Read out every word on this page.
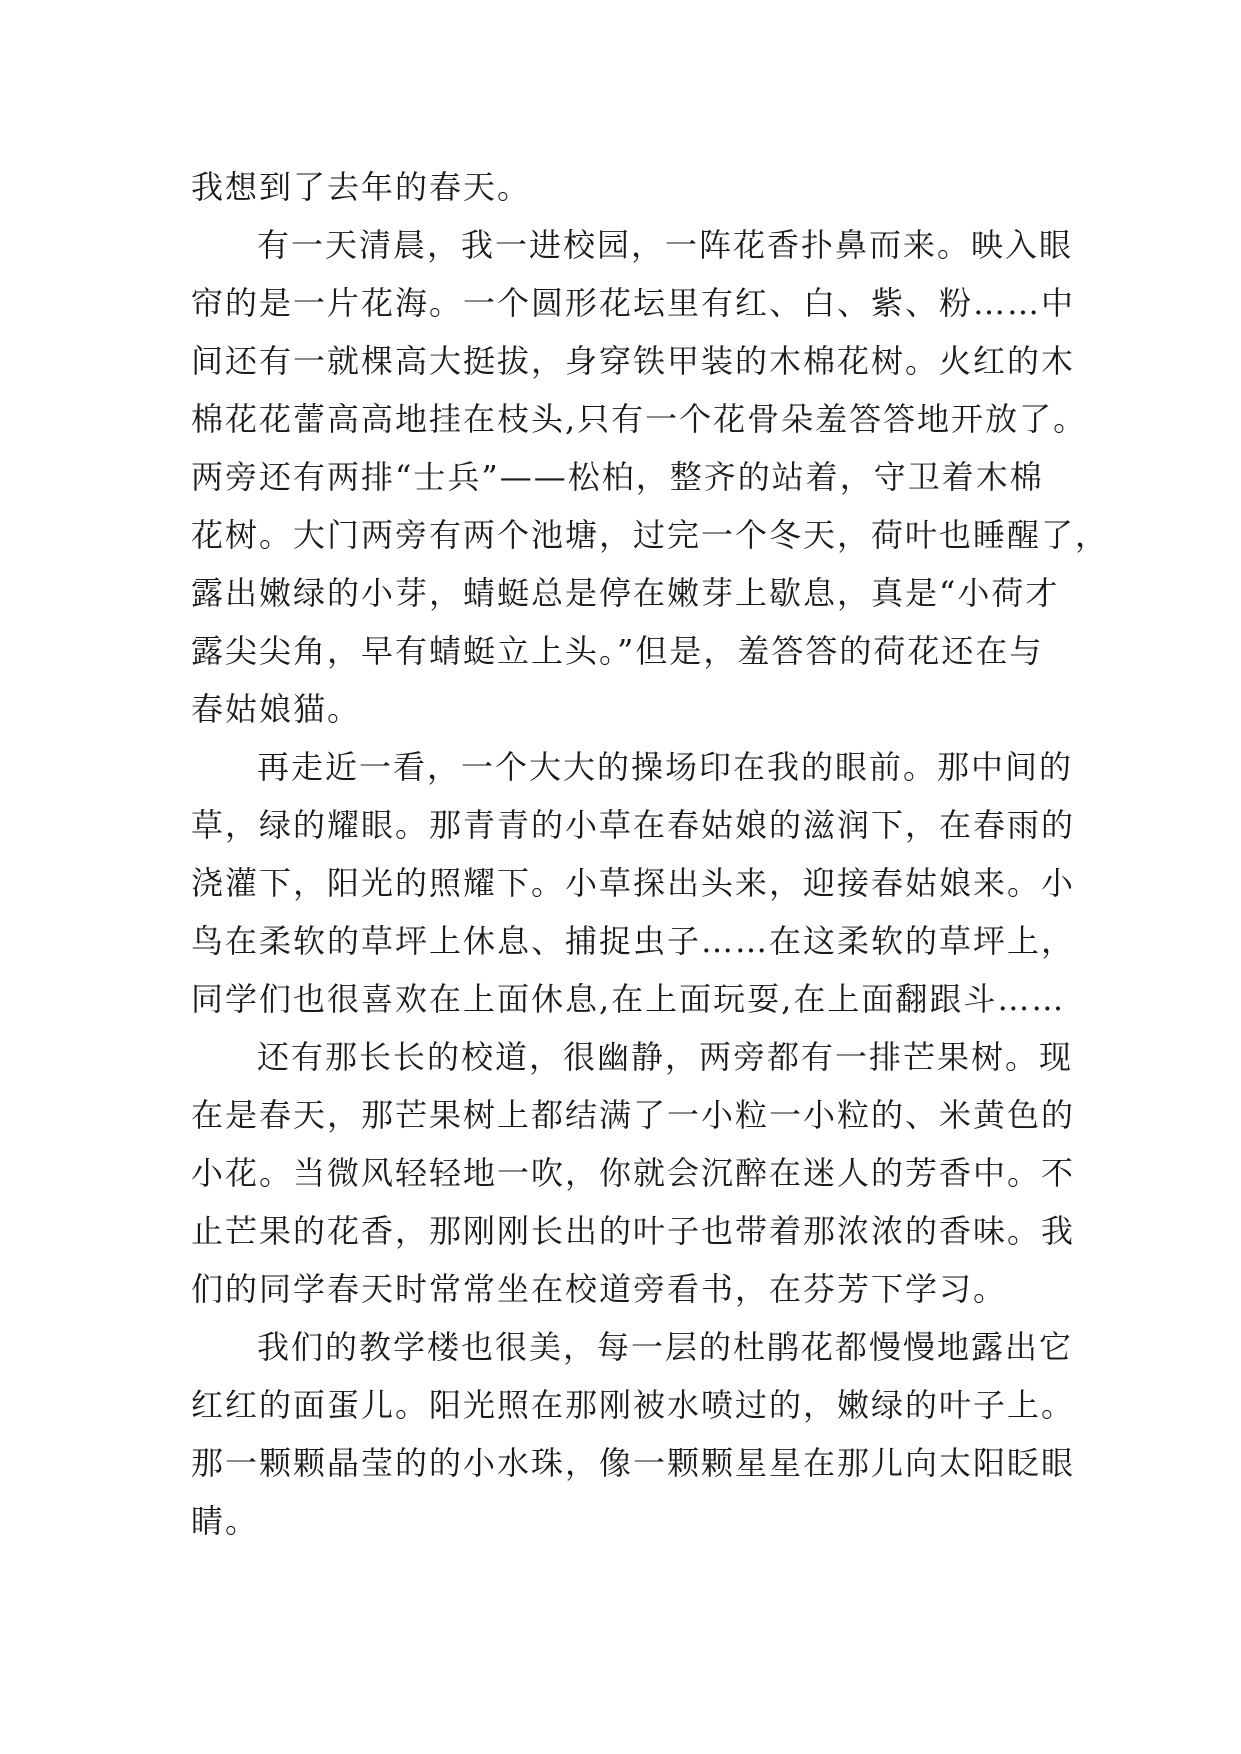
我想到了去年的春天。
有一天清晨，我一进校园，一阵花香扑鼻而来。映入眼
帘的是一片花海。一个圆形花坛里有红、白、紫、粉……中
间还有一就棵高大挺拔，身穿铁甲装的木棉花树。火红的木
棉花花蕾高高地挂在枝头,只有一个花骨朵羞答答地开放了。
两旁还有两排“士兵”——松柏，整齐的站着，守卫着木棉
花树。大门两旁有两个池塘，过完一个冬天，荷叶也睡醒了，
露出嫩绿的小芽，蜻蜓总是停在嫩芽上歇息，真是“小荷才
露尖尖角，早有蜻蜓立上头。”但是，羞答答的荷花还在与
春姑娘猫。
再走近一看，一个大大的操场印在我的眼前。那中间的
草，绿的耀眼。那青青的小草在春姑娘的滋润下，在春雨的
浇灌下，阳光的照耀下。小草探出头来，迎接春姑娘来。小
鸟在柔软的草坪上休息、捕捉虫子……在这柔软的草坪上，
同学们也很喜欢在上面休息,在上面玩耍,在上面翻跟斗……
还有那长长的校道，很幽静，两旁都有一排芒果树。现
在是春天，那芒果树上都结满了一小粒一小粒的、米黄色的
小花。当微风轻轻地一吹，你就会沉醉在迷人的芳香中。不
止芒果的花香，那刚刚长出的叶子也带着那浓浓的香味。我
们的同学春天时常常坐在校道旁看书，在芬芳下学习。
我们的教学楼也很美，每一层的杜鹃花都慢慢地露出它
红红的面蛋儿。阳光照在那刚被水喷过的，嫩绿的叶子上。
那一颗颗晶莹的的小水珠，像一颗颗星星在那儿向太阳眨眼
睛。
